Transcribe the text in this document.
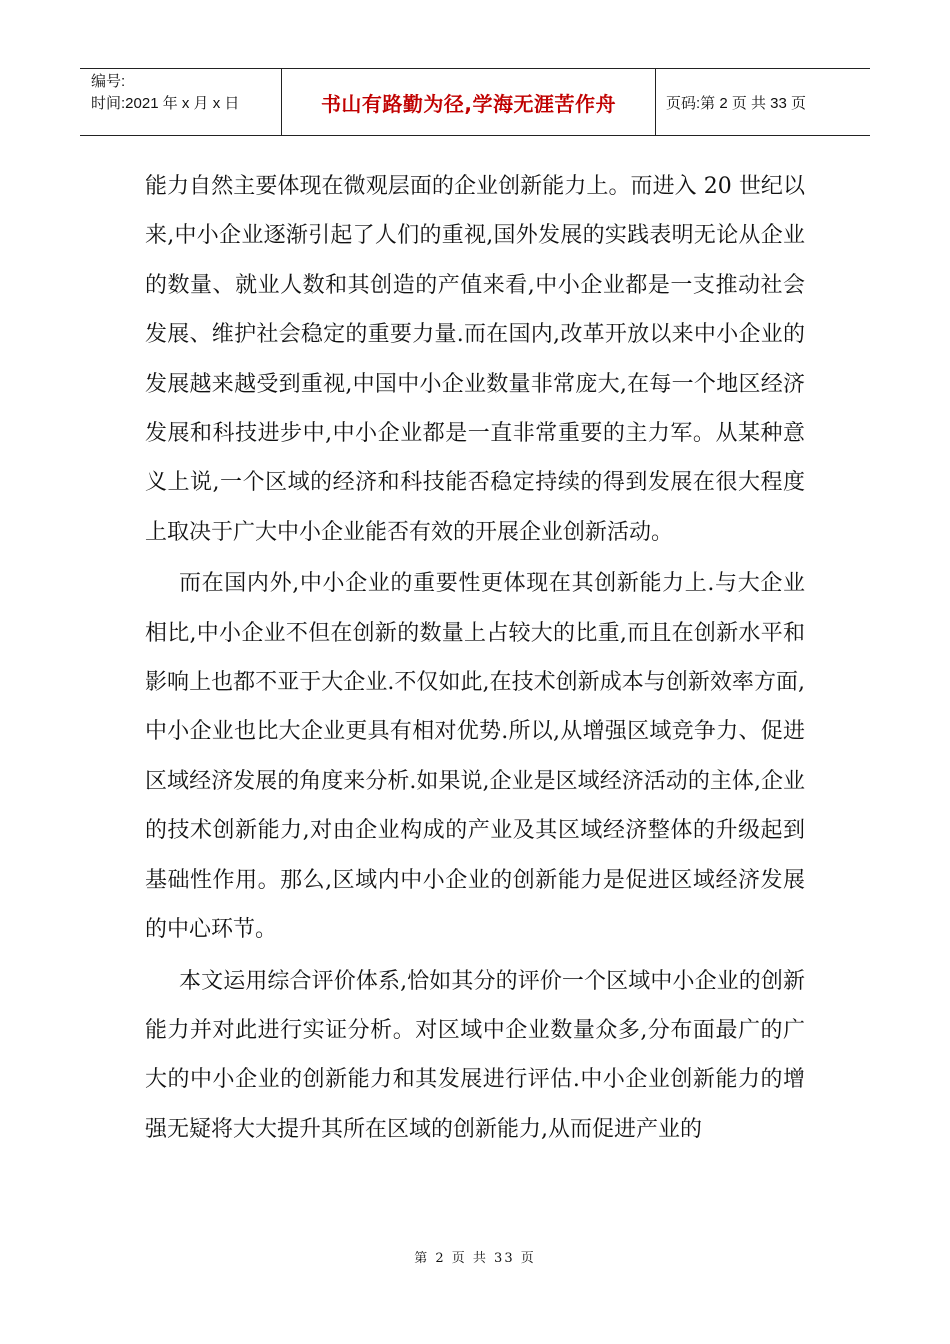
编号:
时间:2021 年 x 月 x 日	书山有路勤为径,学海无涯苦作舟	页码:第 2 页 共 33 页

能力自然主要体现在微观层面的企业创新能力上。而进入 20 世纪以来,中小企业逐渐引起了人们的重视,国外发展的实践表明无论从企业的数量、就业人数和其创造的产值来看,中小企业都是一支推动社会发展、维护社会稳定的重要力量.而在国内,改革开放以来中小企业的发展越来越受到重视,中国中小企业数量非常庞大,在每一个地区经济发展和科技进步中,中小企业都是一直非常重要的主力军。从某种意义上说,一个区域的经济和科技能否稳定持续的得到发展在很大程度上取决于广大中小企业能否有效的开展企业创新活动。

而在国内外,中小企业的重要性更体现在其创新能力上.与大企业相比,中小企业不但在创新的数量上占较大的比重,而且在创新水平和影响上也都不亚于大企业.不仅如此,在技术创新成本与创新效率方面,中小企业也比大企业更具有相对优势.所以,从增强区域竞争力、促进区域经济发展的角度来分析.如果说,企业是区域经济活动的主体,企业的技术创新能力,对由企业构成的产业及其区域经济整体的升级起到基础性作用。那么,区域内中小企业的创新能力是促进区域经济发展的中心环节。

本文运用综合评价体系,恰如其分的评价一个区域中小企业的创新能力并对此进行实证分析。对区域中企业数量众多,分布面最广的广大的中小企业的创新能力和其发展进行评估.中小企业创新能力的增强无疑将大大提升其所在区域的创新能力,从而促进产业的

第 2 页 共 33 页
